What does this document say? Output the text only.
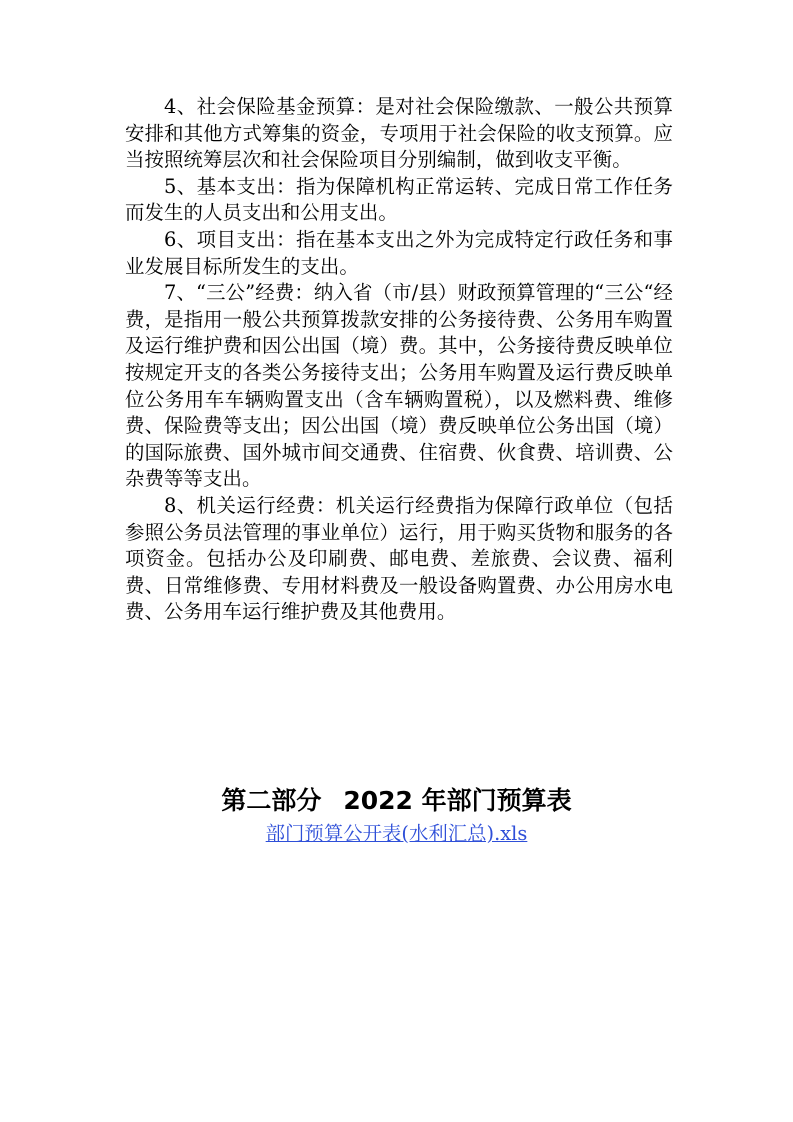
4、社会保险基金预算：是对社会保险缴款、一般公共预算安排和其他方式筹集的资金，专项用于社会保险的收支预算。应当按照统筹层次和社会保险项目分别编制，做到收支平衡。

5、基本支出：指为保障机构正常运转、完成日常工作任务而发生的人员支出和公用支出。

6、项目支出：指在基本支出之外为完成特定行政任务和事业发展目标所发生的支出。

7、“三公”经费：纳入省（市/县）财政预算管理的“三公“经费，是指用一般公共预算拨款安排的公务接待费、公务用车购置及运行维护费和因公出国（境）费。其中，公务接待费反映单位按规定开支的各类公务接待支出；公务用车购置及运行费反映单位公务用车车辆购置支出（含车辆购置税），以及燃料费、维修费、保险费等支出；因公出国（境）费反映单位公务出国（境）的国际旅费、国外城市间交通费、住宿费、伙食费、培训费、公杂费等等支出。

8、机关运行经费：机关运行经费指为保障行政单位（包括参照公务员法管理的事业单位）运行，用于购买货物和服务的各项资金。包括办公及印刷费、邮电费、差旅费、会议费、福利费、日常维修费、专用材料费及一般设备购置费、办公用房水电费、公务用车运行维护费及其他费用。

第二部分 2022 年部门预算表
部门预算公开表(水利汇总).xls
